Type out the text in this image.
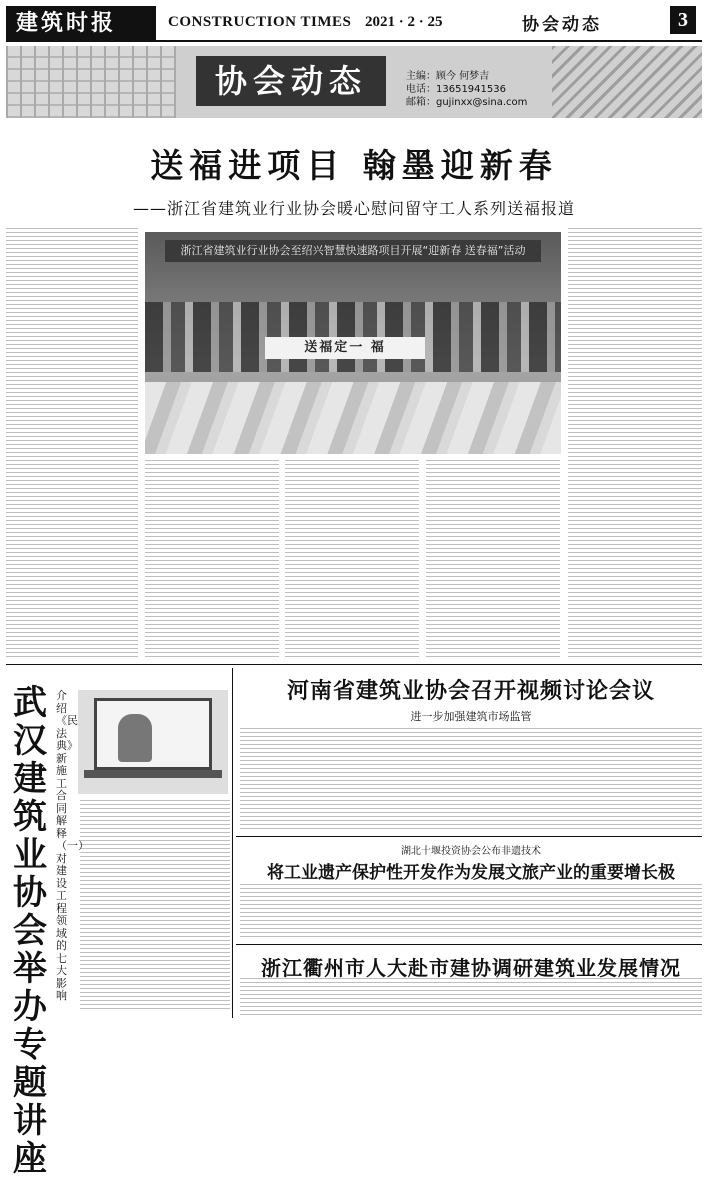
建筑时报	CONSTRUCTION TIMES 2021 · 2 · 25	协会动态	3
协会动态	主编：顾今 何梦吉
电话：13651941536
邮箱：gujinxx@sina.com
送福进项目 翰墨迎新春
——浙江省建筑业行业协会暖心慰问留守工人系列送福报道
浙江省建筑业行业协会至绍兴智慧快速路项目开展“迎新春 送春福”活动
送福定一 福
武汉建筑业协会举办专题讲座
介绍《民法典》新施工合同解释（一）对建设工程领域的七大影响
河南省建筑业协会召开视频讨论会议
进一步加强建筑市场监管
湖北十堰投资协会公布非遗技术
将工业遗产保护性开发作为发展文旅产业的重要增长极
浙江衢州市人大赴市建协调研建筑业发展情况
